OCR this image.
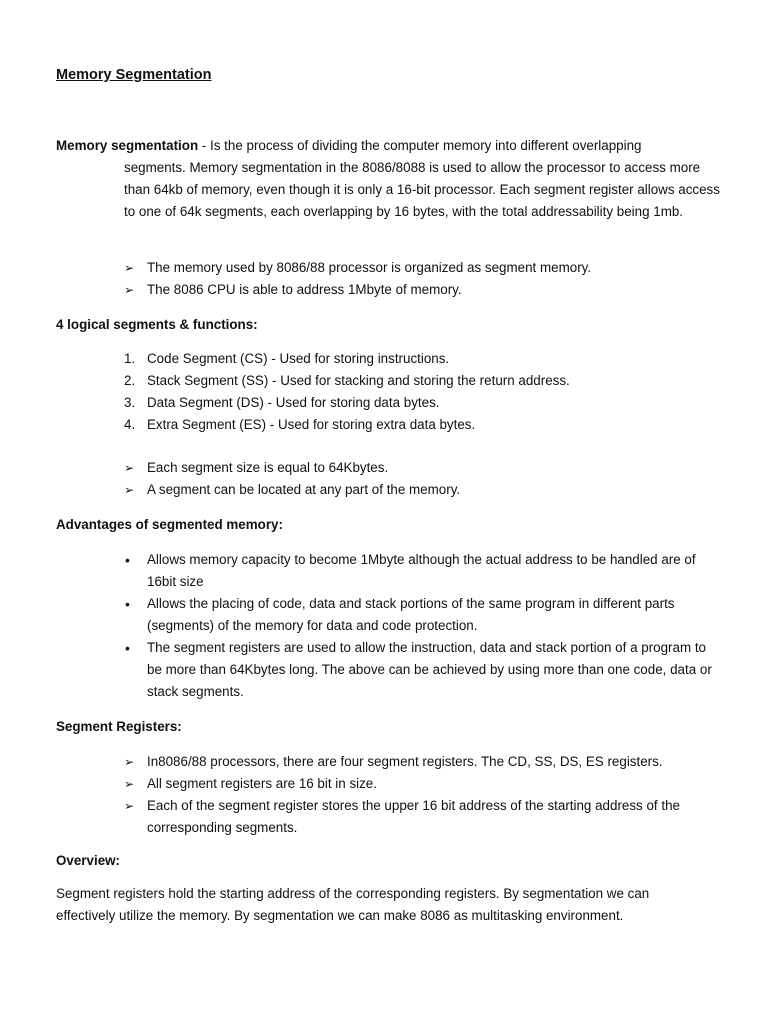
Memory Segmentation

Memory segmentation - Is the process of dividing the computer memory into different overlapping
segments. Memory segmentation in the 8086/8088 is used to allow the processor to access more than 64kb of memory, even though it is only a 16-bit processor. Each segment register allows access to one of 64k segments, each overlapping by 16 bytes, with the total addressability being 1mb.

➢ The memory used by 8086/88 processor is organized as segment memory.
➢ The 8086 CPU is able to address 1Mbyte of memory.
4 logical segments & functions:
1. Code Segment (CS) - Used for storing instructions.
2. Stack Segment (SS) - Used for stacking and storing the return address.
3. Data Segment (DS) - Used for storing data bytes.
4. Extra Segment (ES) - Used for storing extra data bytes.
➢ Each segment size is equal to 64Kbytes.
➢ A segment can be located at any part of the memory.
Advantages of segmented memory:
•	Allows memory capacity to become 1Mbyte although the actual address to be handled are of 16bit size
•	Allows the placing of code, data and stack portions of the same program in different parts (segments) of the memory for data and code protection.
•	The segment registers are used to allow the instruction, data and stack portion of a program to be more than 64Kbytes long. The above can be achieved by using more than one code, data or stack segments.
Segment Registers:
➢ In8086/88 processors, there are four segment registers. The CD, SS, DS, ES registers.
➢ All segment registers are 16 bit in size.
➢ Each of the segment register stores the upper 16 bit address of the starting address of the corresponding segments.
Overview:

Segment registers hold the starting address of the corresponding registers. By segmentation we can effectively utilize the memory. By segmentation we can make 8086 as multitasking environment.
